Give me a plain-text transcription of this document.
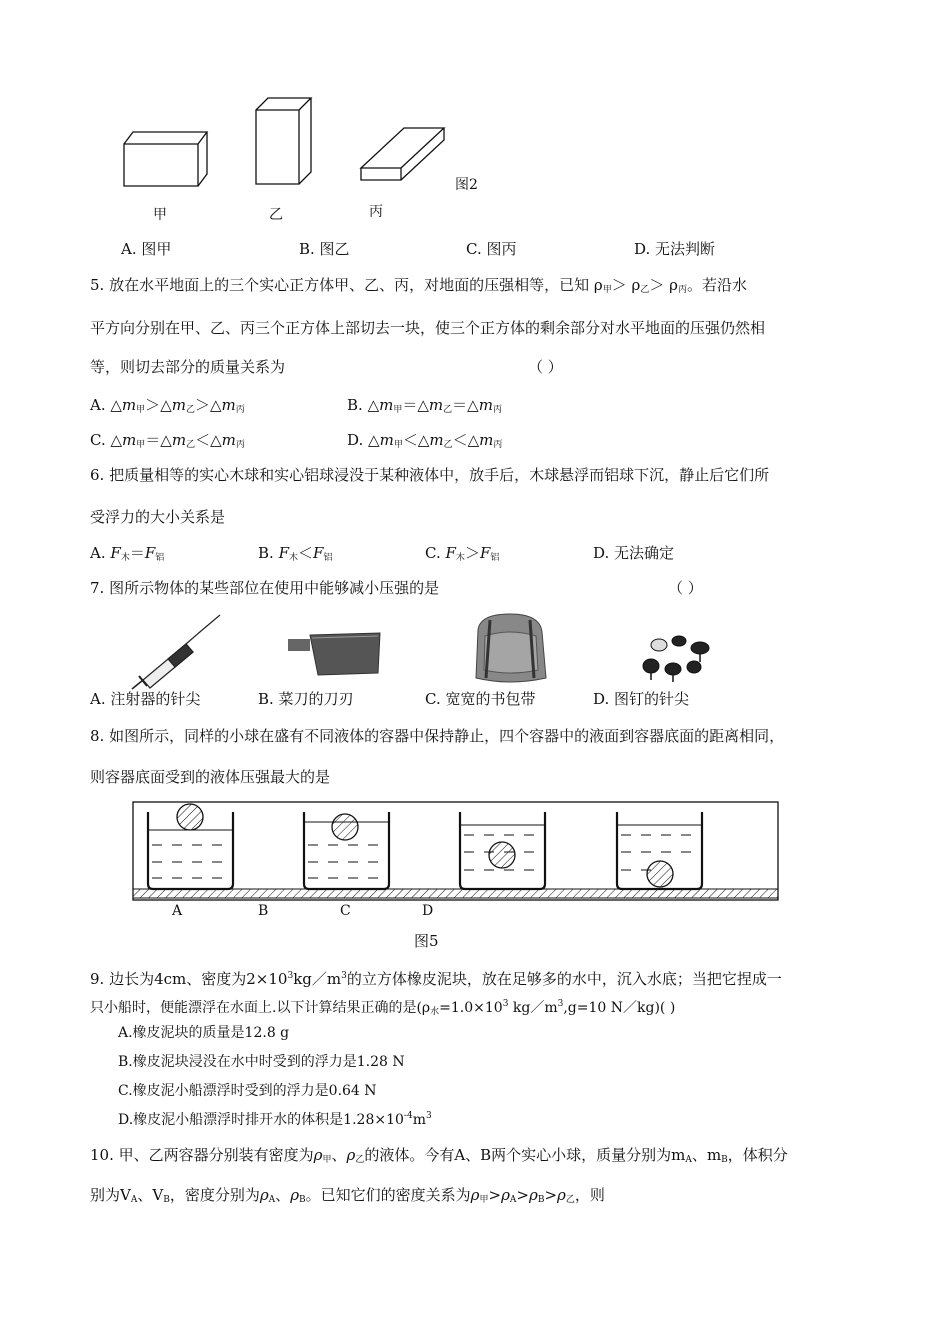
图2
甲	乙	丙
A. 图甲	B. 图乙	C. 图丙	D. 无法判断
5. 放在水平地面上的三个实心正方体甲、乙、丙，对地面的压强相等，已知 $\rho_甲> \rho_乙> \rho_丙$。若沿水
平方向分别在甲、乙、丙三个正方体上部切去一块，使三个正方体的剩余部分对水平地面的压强仍然相
等，则切去部分的质量关系为	（ ）
A. $\triangle m_甲>\triangle m_乙>\triangle m_丙$	B. $\triangle m_甲=\triangle m_乙=\triangle m_丙$
C. $\triangle m_甲=\triangle m_乙<\triangle m_丙$	D. $\triangle m_甲<\triangle m_乙<\triangle m_丙$
6. 把质量相等的实心木球和实心铝球浸没于某种液体中，放手后，木球悬浮而铝球下沉，静止后它们所
受浮力的大小关系是
A. $F_木=F_铝$	B. $F_木<F_铝$	C. $F_木>F_铝$	D. 无法确定
7. 图所示物体的某些部位在使用中能够减小压强的是	（ ）
A. 注射器的针尖	B. 菜刀的刀刃	C. 宽宽的书包带	D. 图钉的针尖
8. 如图所示，同样的小球在盛有不同液体的容器中保持静止，四个容器中的液面到容器底面的距离相同，
则容器底面受到的液体压强最大的是
A	B	C	D
图5
9. 边长为4cm、密度为$2\times 10^3kg/m^3$的立方体橡皮泥块，放在足够多的水中，沉入水底；当把它捏成一
只小船时，便能漂浮在水面上.以下计算结果正确的是($\rho_水=1.0\times 10^3$ $kg/m^3,g=10$ N／kg)( )
A.橡皮泥块的质量是12.8 g
B.橡皮泥块浸没在水中时受到的浮力是1.28 N
C.橡皮泥小船漂浮时受到的浮力是0.64 N
D.橡皮泥小船漂浮时排开水的体积是$1.28\times 10^{-4}m^3$
10. 甲、乙两容器分别装有密度为$\rho_甲$、$\rho_乙$的液体。今有A、B两个实心小球，质量分别为$m_A$、$m_B$，体积分
别为$V_A$、$V_B$，密度分别为$\rho_A$、$\rho_B$。已知它们的密度关系为$\rho_甲>\rho_A>\rho_B>\rho_乙$，则
